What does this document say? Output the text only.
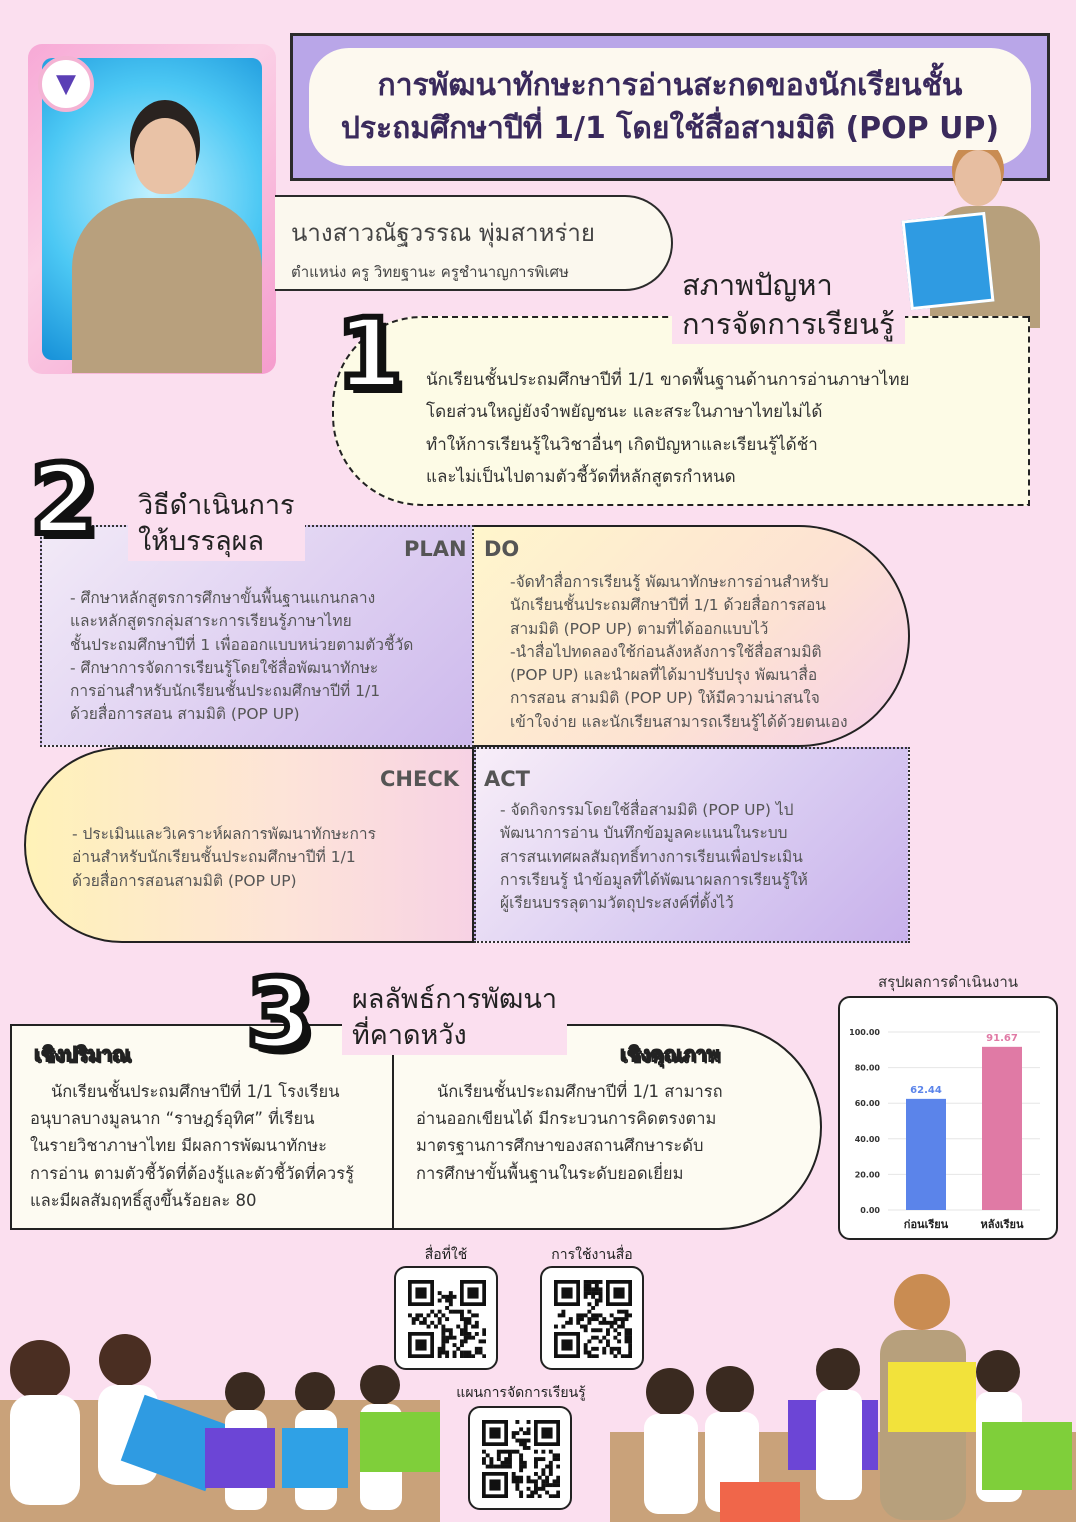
▼	การพัฒนาทักษะการอ่านสะกดของนักเรียนชั้น
ประถมศึกษาปีที่ 1/1 โดยใช้สื่อสามมิติ (POP UP)
นางสาวณัฐวรรณ พุ่มสาหร่าย
ตำแหน่ง ครู วิทยฐานะ ครูชำนาญการพิเศษ
นักเรียนชั้นประถมศึกษาปีที่ 1/1 ขาดพื้นฐานด้านการอ่านภาษาไทย
โดยส่วนใหญ่ยังจำพยัญชนะ และสระในภาษาไทยไม่ได้
ทำให้การเรียนรู้ในวิชาอื่นๆ เกิดปัญหาและเรียนรู้ได้ช้า
และไม่เป็นไปตามตัวชี้วัดที่หลักสูตรกำหนด
1
สภาพปัญหา
การจัดการเรียนรู้
- ศึกษาหลักสูตรการศึกษาขั้นพื้นฐานแกนกลาง
และหลักสูตรกลุ่มสาระการเรียนรู้ภาษาไทย
ชั้นประถมศึกษาปีที่ 1 เพื่อออกแบบหน่วยตามตัวชี้วัด
- ศึกษาการจัดการเรียนรู้โดยใช้สื่อพัฒนาทักษะ
การอ่านสำหรับนักเรียนชั้นประถมศึกษาปีที่ 1/1
ด้วยสื่อการสอน สามมิติ (POP UP)
-จัดทำสื่อการเรียนรู้ พัฒนาทักษะการอ่านสำหรับ
นักเรียนชั้นประถมศึกษาปีที่ 1/1 ด้วยสื่อการสอน
สามมิติ (POP UP) ตามที่ได้ออกแบบไว้
-นำสื่อไปทดลองใช้ก่อนลังหลังการใช้สื่อสามมิติ
(POP UP) และนำผลที่ได้มาปรับปรุง พัฒนาสื่อ
การสอน สามมิติ (POP UP) ให้มีความน่าสนใจ
เข้าใจง่าย และนักเรียนสามารถเรียนรู้ได้ด้วยตนเอง
- ประเมินและวิเคราะห์ผลการพัฒนาทักษะการ
อ่านสำหรับนักเรียนชั้นประถมศึกษาปีที่ 1/1
ด้วยสื่อการสอนสามมิติ (POP UP)
- จัดกิจกรรมโดยใช้สื่อสามมิติ (POP UP) ไป
พัฒนาการอ่าน บันทึกข้อมูลคะแนนในระบบ
สารสนเทศผลสัมฤทธิ์ทางการเรียนเพื่อประเมิน
การเรียนรู้ นำข้อมูลที่ได้พัฒนาผลการเรียนรู้ให้
ผู้เรียนบรรลุตามวัตถุประสงค์ที่ตั้งไว้
PLAN DO
CHECK ACT
2	วิธีดำเนินการ
ให้บรรลุผล
เชิงปริมาณ	เชิงคุณภาพ
นักเรียนชั้นประถมศึกษาปีที่ 1/1 โรงเรียน
อนุบาลบางมูลนาก “ราษฎร์อุทิศ” ที่เรียน
ในรายวิชาภาษาไทย มีผลการพัฒนาทักษะ
การอ่าน ตามตัวชี้วัดที่ต้องรู้และตัวชี้วัดที่ควรรู้
และมีผลสัมฤทธิ์สูงขึ้นร้อยละ 80
นักเรียนชั้นประถมศึกษาปีที่ 1/1 สามารถ
อ่านออกเขียนได้ มีกระบวนการคิดตรงตาม
มาตรฐานการศึกษาของสถานศึกษาระดับ
การศึกษาขั้นพื้นฐานในระดับยอดเยี่ยม
3	ผลลัพธ์การพัฒนา
ที่คาดหวัง
สรุปผลการดำเนินงาน
0.00
20.00
40.00
60.00
80.00
100.00
62.44
ก่อนเรียน
91.67
หลังเรียน
สื่อที่ใช้	การใช้งานสื่อ
แผนการจัดการเรียนรู้
